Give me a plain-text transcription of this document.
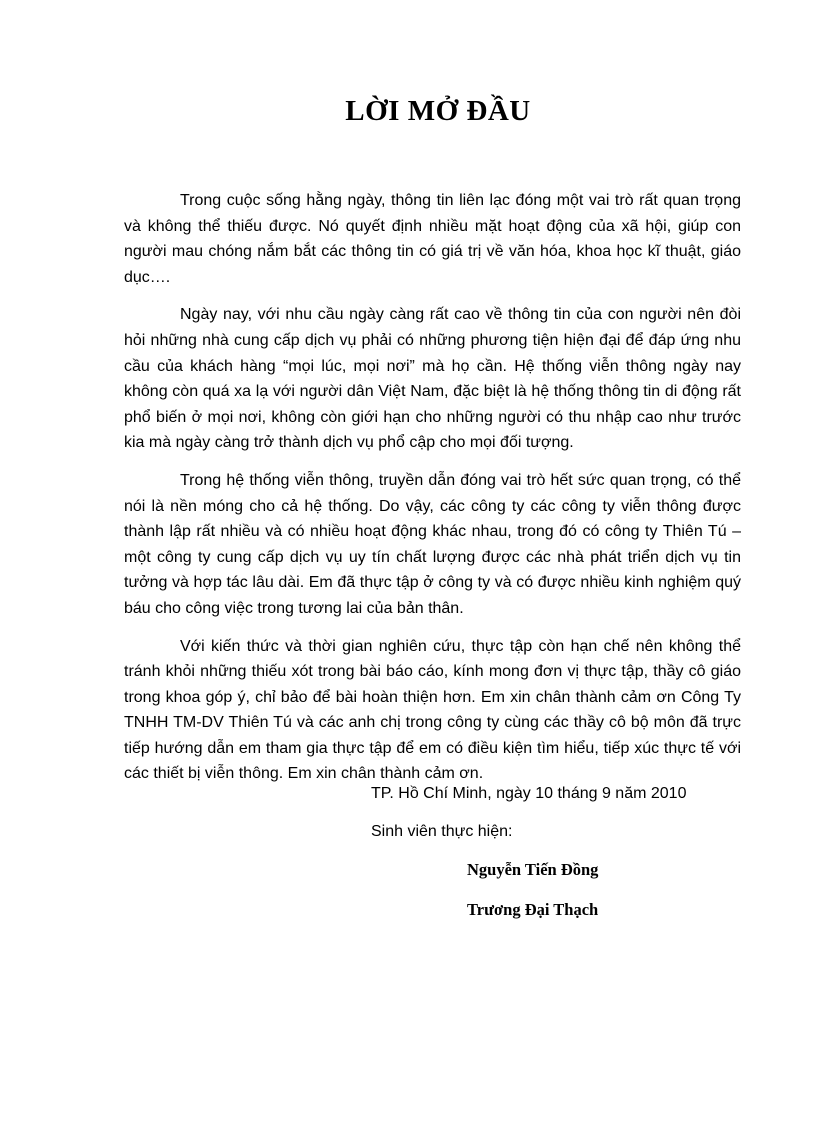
LỜI MỞ ĐẦU

Trong cuộc sống hằng ngày, thông tin liên lạc đóng một vai trò rất quan trọng và không thể thiếu được. Nó quyết định nhiều mặt hoạt động của xã hội, giúp con người mau chóng nắm bắt các thông tin có giá trị về văn hóa, khoa học kĩ thuật, giáo dục….

Ngày nay, với nhu cầu ngày càng rất cao về thông tin của con người nên đòi hỏi những nhà cung cấp dịch vụ phải có những phương tiện hiện đại để đáp ứng nhu cầu của khách hàng “mọi lúc, mọi nơi” mà họ cần. Hệ thống viễn thông ngày nay không còn quá xa lạ với người dân Việt Nam, đặc biệt là hệ thống thông tin di động rất phổ biến ở mọi nơi, không còn giới hạn cho những người có thu nhập cao như trước kia mà ngày càng trở thành dịch vụ phổ cập cho mọi đối tượng.

Trong hệ thống viễn thông, truyền dẫn đóng vai trò hết sức quan trọng, có thể nói là nền móng cho cả hệ thống. Do vậy, các công ty các công ty viễn thông được thành lập rất nhiều và có nhiều hoạt động khác nhau, trong đó có công ty Thiên Tú – một công ty cung cấp dịch vụ uy tín chất lượng được các nhà phát triển dịch vụ tin tưởng và hợp tác lâu dài. Em đã thực tập ở công ty và có được nhiều kinh nghiệm quý báu cho công việc trong tương lai của bản thân.

Với kiến thức và thời gian nghiên cứu, thực tập còn hạn chế nên không thể tránh khỏi những thiếu xót trong bài báo cáo, kính mong đơn vị thực tập, thầy cô giáo trong khoa góp ý, chỉ bảo để bài hoàn thiện hơn. Em xin chân thành cảm ơn Công Ty TNHH TM-DV Thiên Tú và các anh chị trong công ty cùng các thầy cô bộ môn đã trực tiếp hướng dẫn em tham gia thực tập để em có điều kiện tìm hiểu, tiếp xúc thực tế với các thiết bị viễn thông. Em xin chân thành cảm ơn.

TP. Hồ Chí Minh, ngày 10 tháng 9 năm 2010
Sinh viên thực hiện:
Nguyễn Tiến Đồng
Trương Đại Thạch
